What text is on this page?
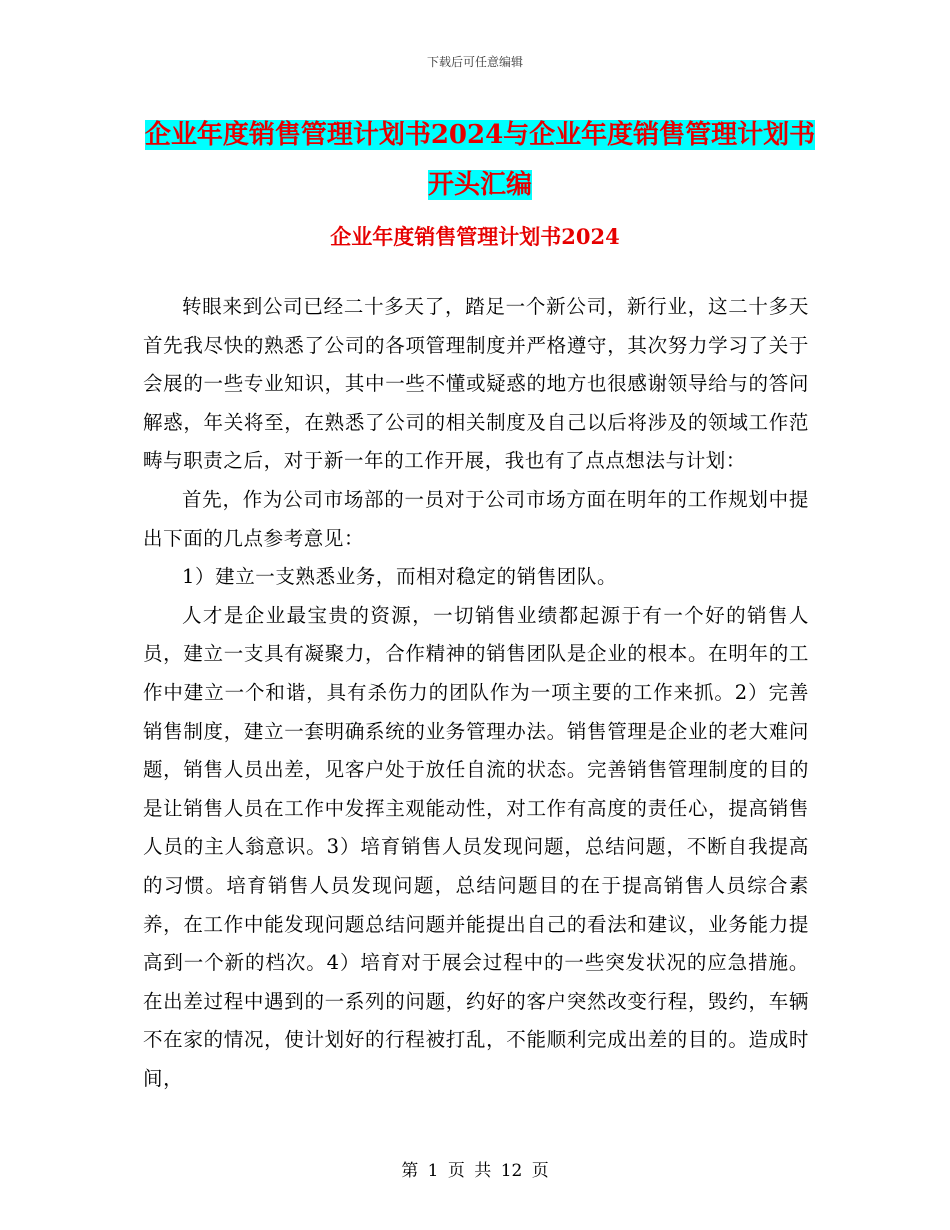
下载后可任意编辑
企业年度销售管理计划书2024与企业年度销售管理计划书开头汇编
企业年度销售管理计划书2024

转眼来到公司已经二十多天了，踏足一个新公司，新行业，这二十多天首先我尽快的熟悉了公司的各项管理制度并严格遵守，其次努力学习了关于会展的一些专业知识，其中一些不懂或疑惑的地方也很感谢领导给与的答问解惑，年关将至，在熟悉了公司的相关制度及自己以后将涉及的领域工作范畴与职责之后，对于新一年的工作开展，我也有了点点想法与计划：

首先，作为公司市场部的一员对于公司市场方面在明年的工作规划中提出下面的几点参考意见：

1）建立一支熟悉业务，而相对稳定的销售团队。

人才是企业最宝贵的资源，一切销售业绩都起源于有一个好的销售人员，建立一支具有凝聚力，合作精神的销售团队是企业的根本。在明年的工作中建立一个和谐，具有杀伤力的团队作为一项主要的工作来抓。2）完善销售制度，建立一套明确系统的业务管理办法。销售管理是企业的老大难问题，销售人员出差，见客户处于放任自流的状态。完善销售管理制度的目的是让销售人员在工作中发挥主观能动性，对工作有高度的责任心，提高销售人员的主人翁意识。3）培育销售人员发现问题，总结问题，不断自我提高的习惯。培育销售人员发现问题，总结问题目的在于提高销售人员综合素养，在工作中能发现问题总结问题并能提出自己的看法和建议，业务能力提高到一个新的档次。4）培育对于展会过程中的一些突发状况的应急措施。在出差过程中遇到的一系列的问题，约好的客户突然改变行程，毁约，车辆不在家的情况，使计划好的行程被打乱，不能顺利完成出差的目的。造成时间，

第 1 页 共 12 页
